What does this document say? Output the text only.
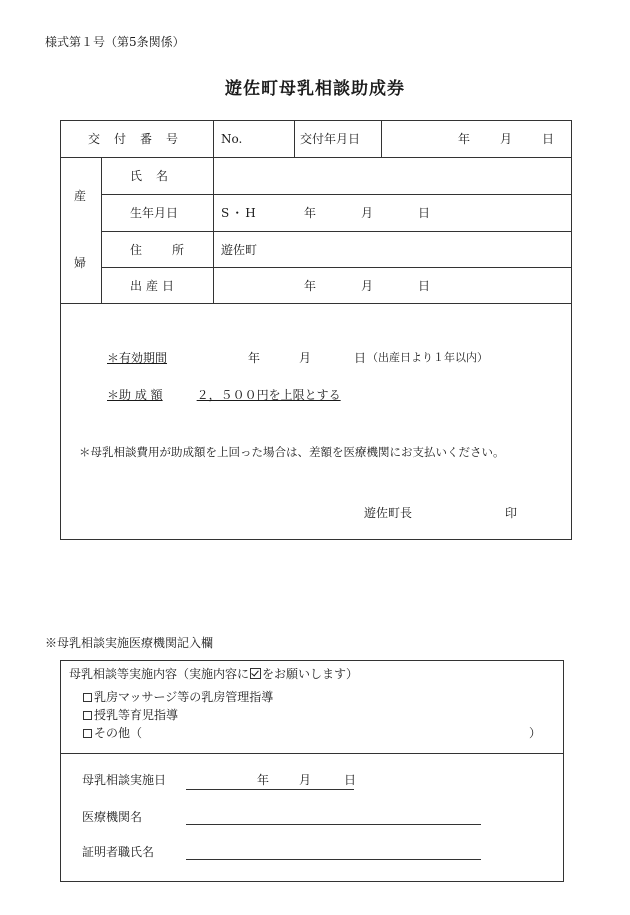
様式第１号（第5条関係）
遊佐町母乳相談助成券
交付番号 No.	交付年月日	年 月 日
産
婦
氏名
生年月日	S・H	年	月	日
住所 遊佐町
出産日	年	月	日
＊有効期間	年	月	日 （出産日より１年以内）
＊助 成 額	２，５００円を上限とする
＊母乳相談費用が助成額を上回った場合は、差額を医療機関にお支払いください。
遊佐町長	印
※母乳相談実施医療機関記入欄
母乳相談等実施内容（実施内容に をお願いします）
乳房マッサージ等の乳房管理指導
授乳等育児指導
その他（	）
母乳相談実施日	年 月	日
医療機関名
証明者職氏名
